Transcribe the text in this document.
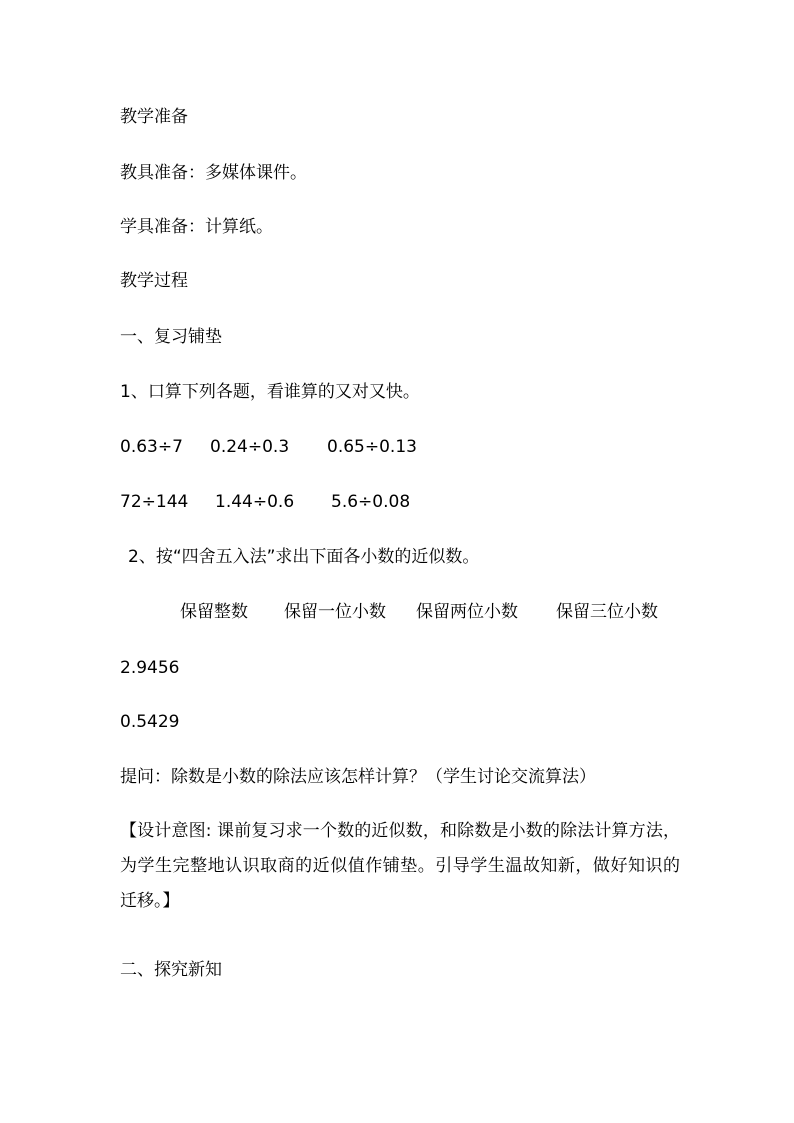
教学准备
教具准备：多媒体课件。
学具准备：计算纸。
教学过程
一、复习铺垫
1、口算下列各题，看谁算的又对又快。
0.63÷7 0.24÷0.3 0.65÷0.13
72÷144 1.44÷0.6 5.6÷0.08
2、按“四舍五入法”求出下面各小数的近似数。
保留整数 保留一位小数 保留两位小数 保留三位小数
2.9456
0.5429
提问：除数是小数的除法应该怎样计算？（学生讨论交流算法）
【设计意图: 课前复习求一个数的近似数，和除数是小数的除法计算方法，为学生完整地认识取商的近似值作铺垫。引导学生温故知新，做好知识的迁移。】
二、探究新知
